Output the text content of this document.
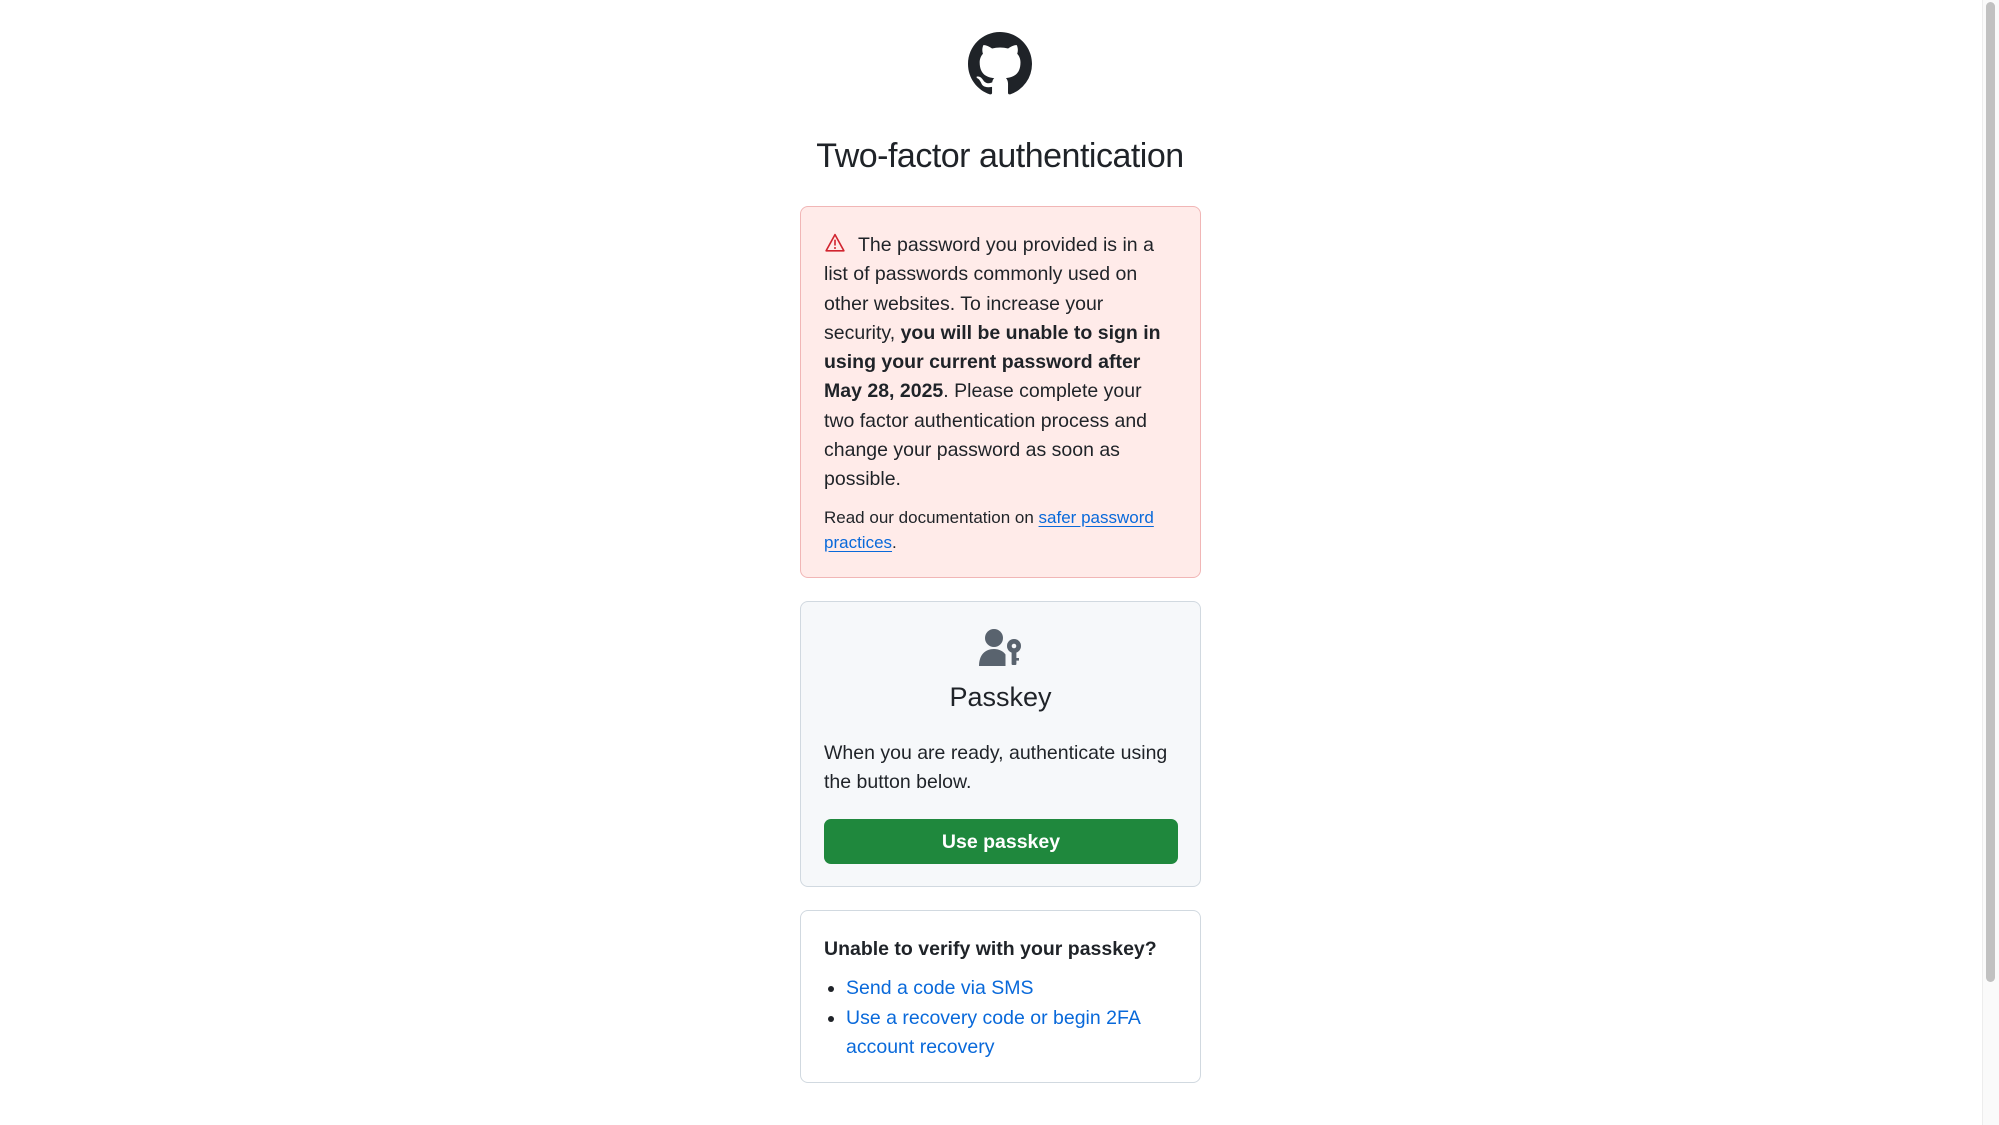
Two-factor authentication
The password you provided is in a list of passwords commonly used on other websites. To increase your security, you will be unable to sign in using your current password after May 28, 2025. Please complete your two factor authentication process and change your password as soon as possible.
Read our documentation on safer password practices.
Passkey
When you are ready, authenticate using the button below.
Use passkey
Unable to verify with your passkey?
• Send a code via SMS
• Use a recovery code or begin 2FA account recovery
